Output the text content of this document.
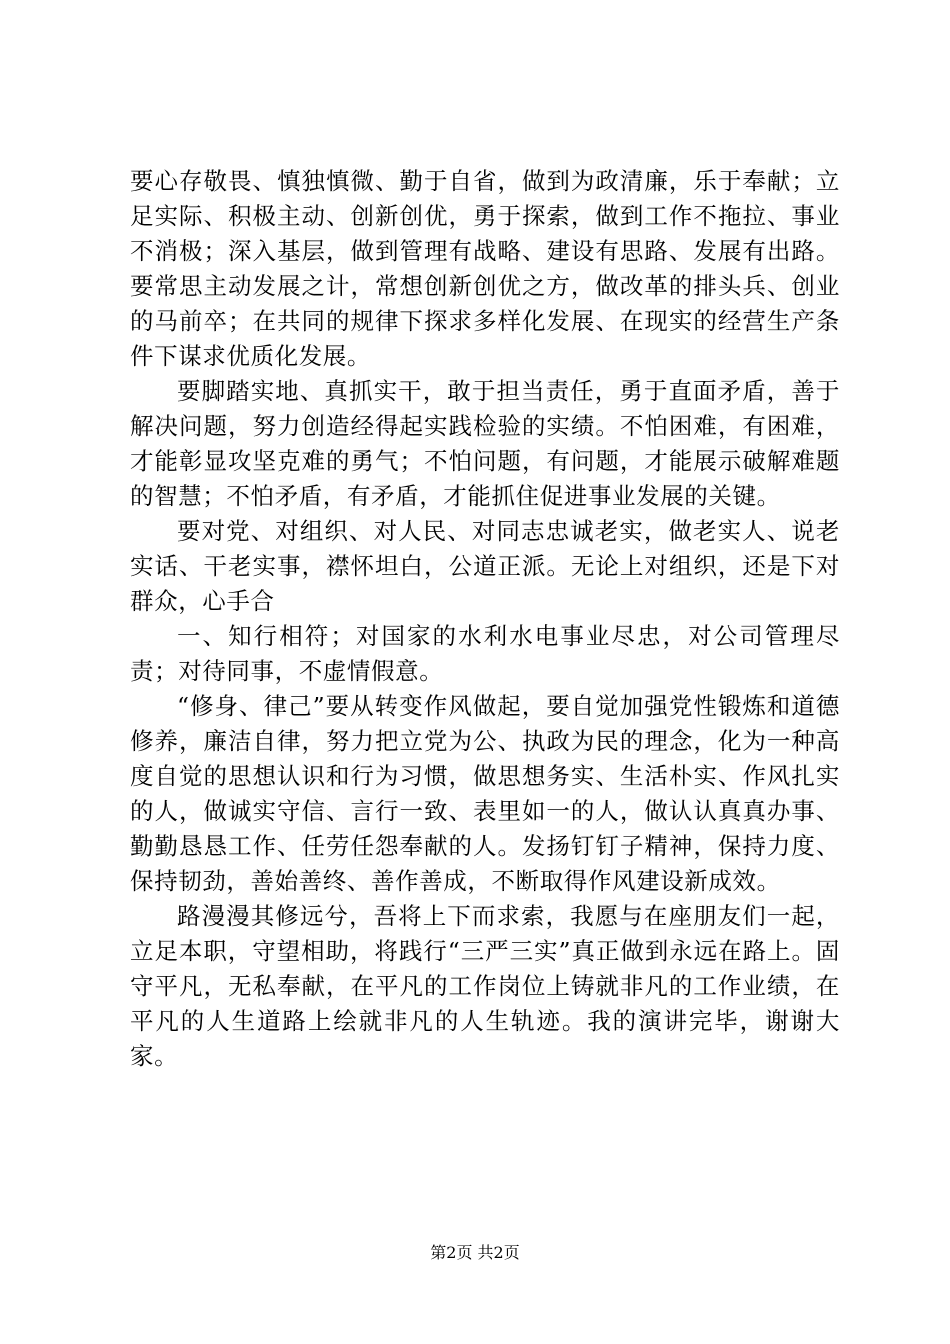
要心存敬畏、慎独慎微、勤于自省，做到为政清廉，乐于奉献；立足实际、积极主动、创新创优，勇于探索，做到工作不拖拉、事业不消极；深入基层，做到管理有战略、建设有思路、发展有出路。要常思主动发展之计，常想创新创优之方，做改革的排头兵、创业的马前卒；在共同的规律下探求多样化发展、在现实的经营生产条件下谋求优质化发展。

要脚踏实地、真抓实干，敢于担当责任，勇于直面矛盾，善于解决问题，努力创造经得起实践检验的实绩。不怕困难，有困难，才能彰显攻坚克难的勇气；不怕问题，有问题，才能展示破解难题的智慧；不怕矛盾，有矛盾，才能抓住促进事业发展的关键。

要对党、对组织、对人民、对同志忠诚老实，做老实人、说老实话、干老实事，襟怀坦白，公道正派。无论上对组织，还是下对群众，心手合

一、知行相符；对国家的水利水电事业尽忠，对公司管理尽责；对待同事，不虚情假意。

“修身、律己”要从转变作风做起，要自觉加强党性锻炼和道德修养，廉洁自律，努力把立党为公、执政为民的理念，化为一种高度自觉的思想认识和行为习惯，做思想务实、生活朴实、作风扎实的人，做诚实守信、言行一致、表里如一的人，做认认真真办事、勤勤恳恳工作、任劳任怨奉献的人。发扬钉钉子精神，保持力度、保持韧劲，善始善终、善作善成，不断取得作风建设新成效。

路漫漫其修远兮，吾将上下而求索，我愿与在座朋友们一起，立足本职，守望相助，将践行“三严三实”真正做到永远在路上。固守平凡，无私奉献，在平凡的工作岗位上铸就非凡的工作业绩，在平凡的人生道路上绘就非凡的人生轨迹。我的演讲完毕，谢谢大家。

第2页 共2页
